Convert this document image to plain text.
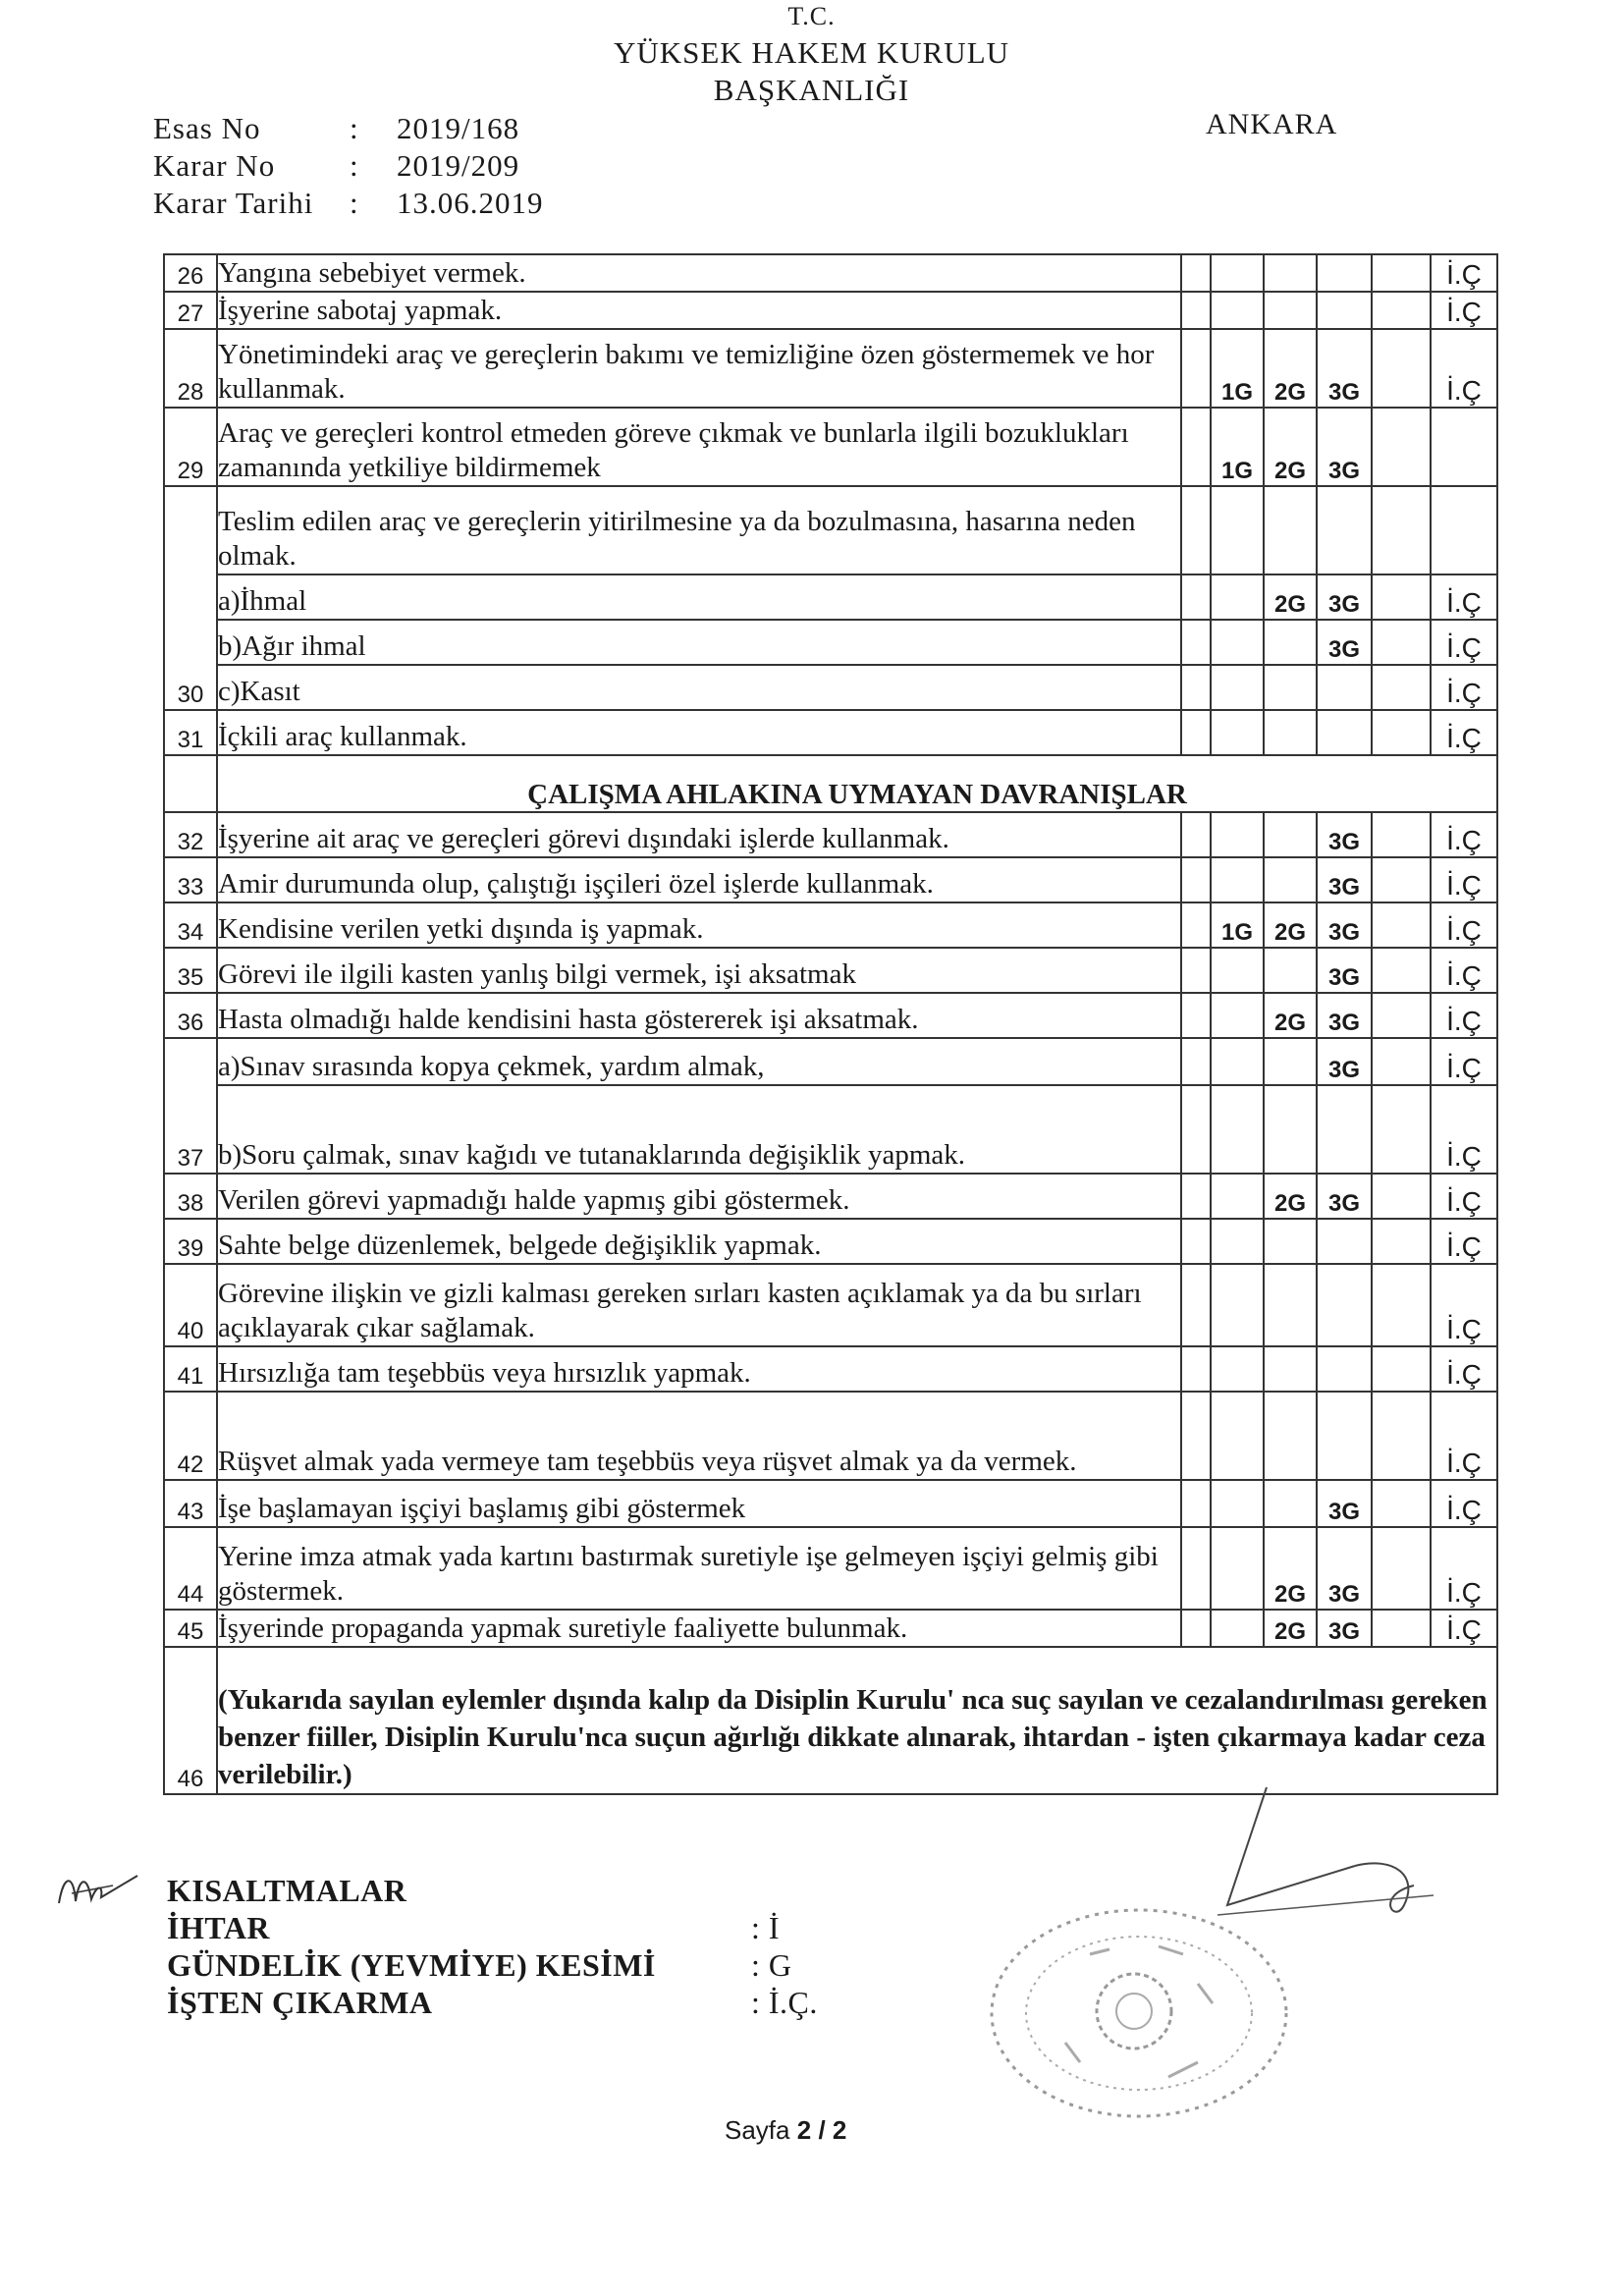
T.C.
YÜKSEK HAKEM KURULU
BAŞKANLIĞI
ANKARA
Esas No	:	2019/168
Karar No	:	2019/209
Karar Tarihi	:	13.06.2019
26	Yangına sebebiyet vermek.						İ.Ç
27	İşyerine sabotaj yapmak.						İ.Ç
28	Yönetimindeki araç ve gereçlerin bakımı ve temizliğine özen göstermemek ve hor kullanmak.		1G	2G	3G		İ.Ç
29	Araç ve gereçleri kontrol etmeden göreve çıkmak ve bunlarla ilgili bozuklukları zamanında yetkiliye bildirmemek		1G	2G	3G		
30	Teslim edilen araç ve gereçlerin yitirilmesine ya da bozulmasına, hasarına neden olmak.						
	a)İhmal			2G	3G		İ.Ç
	b)Ağır ihmal				3G		İ.Ç
	c)Kasıt						İ.Ç
31	İçkili araç kullanmak.						İ.Ç
	ÇALIŞMA AHLAKINA UYMAYAN DAVRANIŞLAR						
32	İşyerine ait araç ve gereçleri görevi dışındaki işlerde kullanmak.				3G		İ.Ç
33	Amir durumunda olup, çalıştığı işçileri özel işlerde kullanmak.				3G		İ.Ç
34	Kendisine verilen yetki dışında iş yapmak.		1G	2G	3G		İ.Ç
35	Görevi ile ilgili kasten yanlış bilgi vermek, işi aksatmak				3G		İ.Ç
36	Hasta olmadığı halde kendisini hasta göstererek işi aksatmak.			2G	3G		İ.Ç
37	a)Sınav sırasında kopya çekmek, yardım almak,				3G		İ.Ç
	b)Soru çalmak, sınav kağıdı ve tutanaklarında değişiklik yapmak.						İ.Ç
38	Verilen görevi yapmadığı halde yapmış gibi göstermek.			2G	3G		İ.Ç
39	Sahte belge düzenlemek, belgede değişiklik yapmak.						İ.Ç
40	Görevine ilişkin ve gizli kalması gereken sırları kasten açıklamak ya da bu sırları açıklayarak çıkar sağlamak.						İ.Ç
41	Hırsızlığa tam teşebbüs veya hırsızlık yapmak.						İ.Ç
42	Rüşvet almak yada vermeye tam teşebbüs veya rüşvet almak ya da vermek.						İ.Ç
43	İşe başlamayan işçiyi başlamış gibi göstermek				3G		İ.Ç
44	Yerine imza atmak yada kartını bastırmak suretiyle işe gelmeyen işçiyi gelmiş gibi göstermek.			2G	3G		İ.Ç
45	İşyerinde propaganda yapmak suretiyle faaliyette bulunmak.			2G	3G		İ.Ç
46	(Yukarıda sayılan eylemler dışında kalıp da Disiplin Kurulu' nca suç sayılan ve cezalandırılması gereken benzer fiiller, Disiplin Kurulu'nca suçun ağırlığı dikkate alınarak, ihtardan - işten çıkarmaya kadar ceza verilebilir.)						
KISALTMALAR
İHTAR	: İ
GÜNDELİK (YEVMİYE) KESİMİ	: G
İŞTEN ÇIKARMA	: İ.Ç.
Sayfa 2 / 2
